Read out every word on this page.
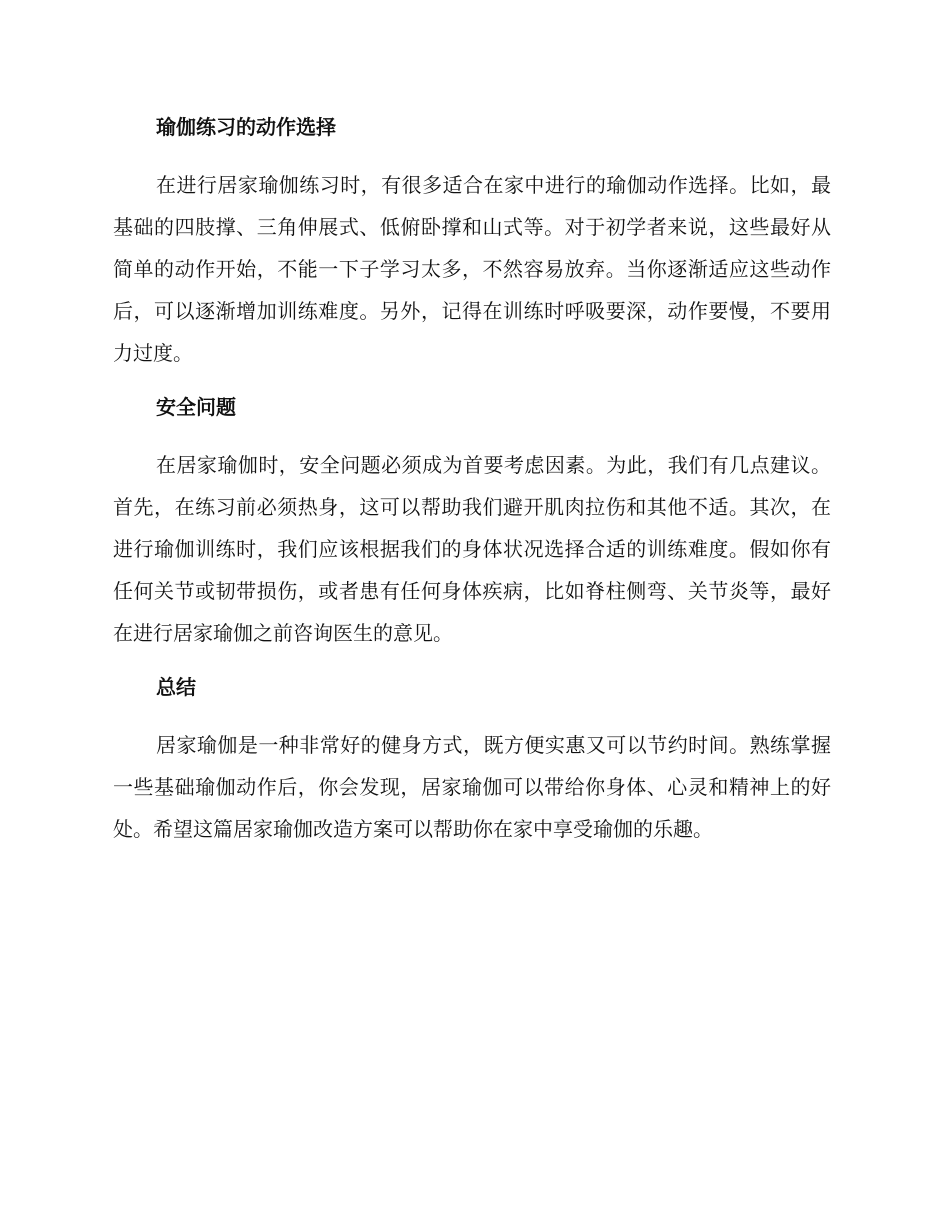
瑜伽练习的动作选择

在进行居家瑜伽练习时，有很多适合在家中进行的瑜伽动作选择。比如，最基础的四肢撑、三角伸展式、低俯卧撑和山式等。对于初学者来说，这些最好从简单的动作开始，不能一下子学习太多，不然容易放弃。当你逐渐适应这些动作后，可以逐渐增加训练难度。另外，记得在训练时呼吸要深，动作要慢，不要用力过度。

安全问题

在居家瑜伽时，安全问题必须成为首要考虑因素。为此，我们有几点建议。首先，在练习前必须热身，这可以帮助我们避开肌肉拉伤和其他不适。其次，在进行瑜伽训练时，我们应该根据我们的身体状况选择合适的训练难度。假如你有任何关节或韧带损伤，或者患有任何身体疾病，比如脊柱侧弯、关节炎等，最好在进行居家瑜伽之前咨询医生的意见。

总结

居家瑜伽是一种非常好的健身方式，既方便实惠又可以节约时间。熟练掌握一些基础瑜伽动作后，你会发现，居家瑜伽可以带给你身体、心灵和精神上的好处。希望这篇居家瑜伽改造方案可以帮助你在家中享受瑜伽的乐趣。
